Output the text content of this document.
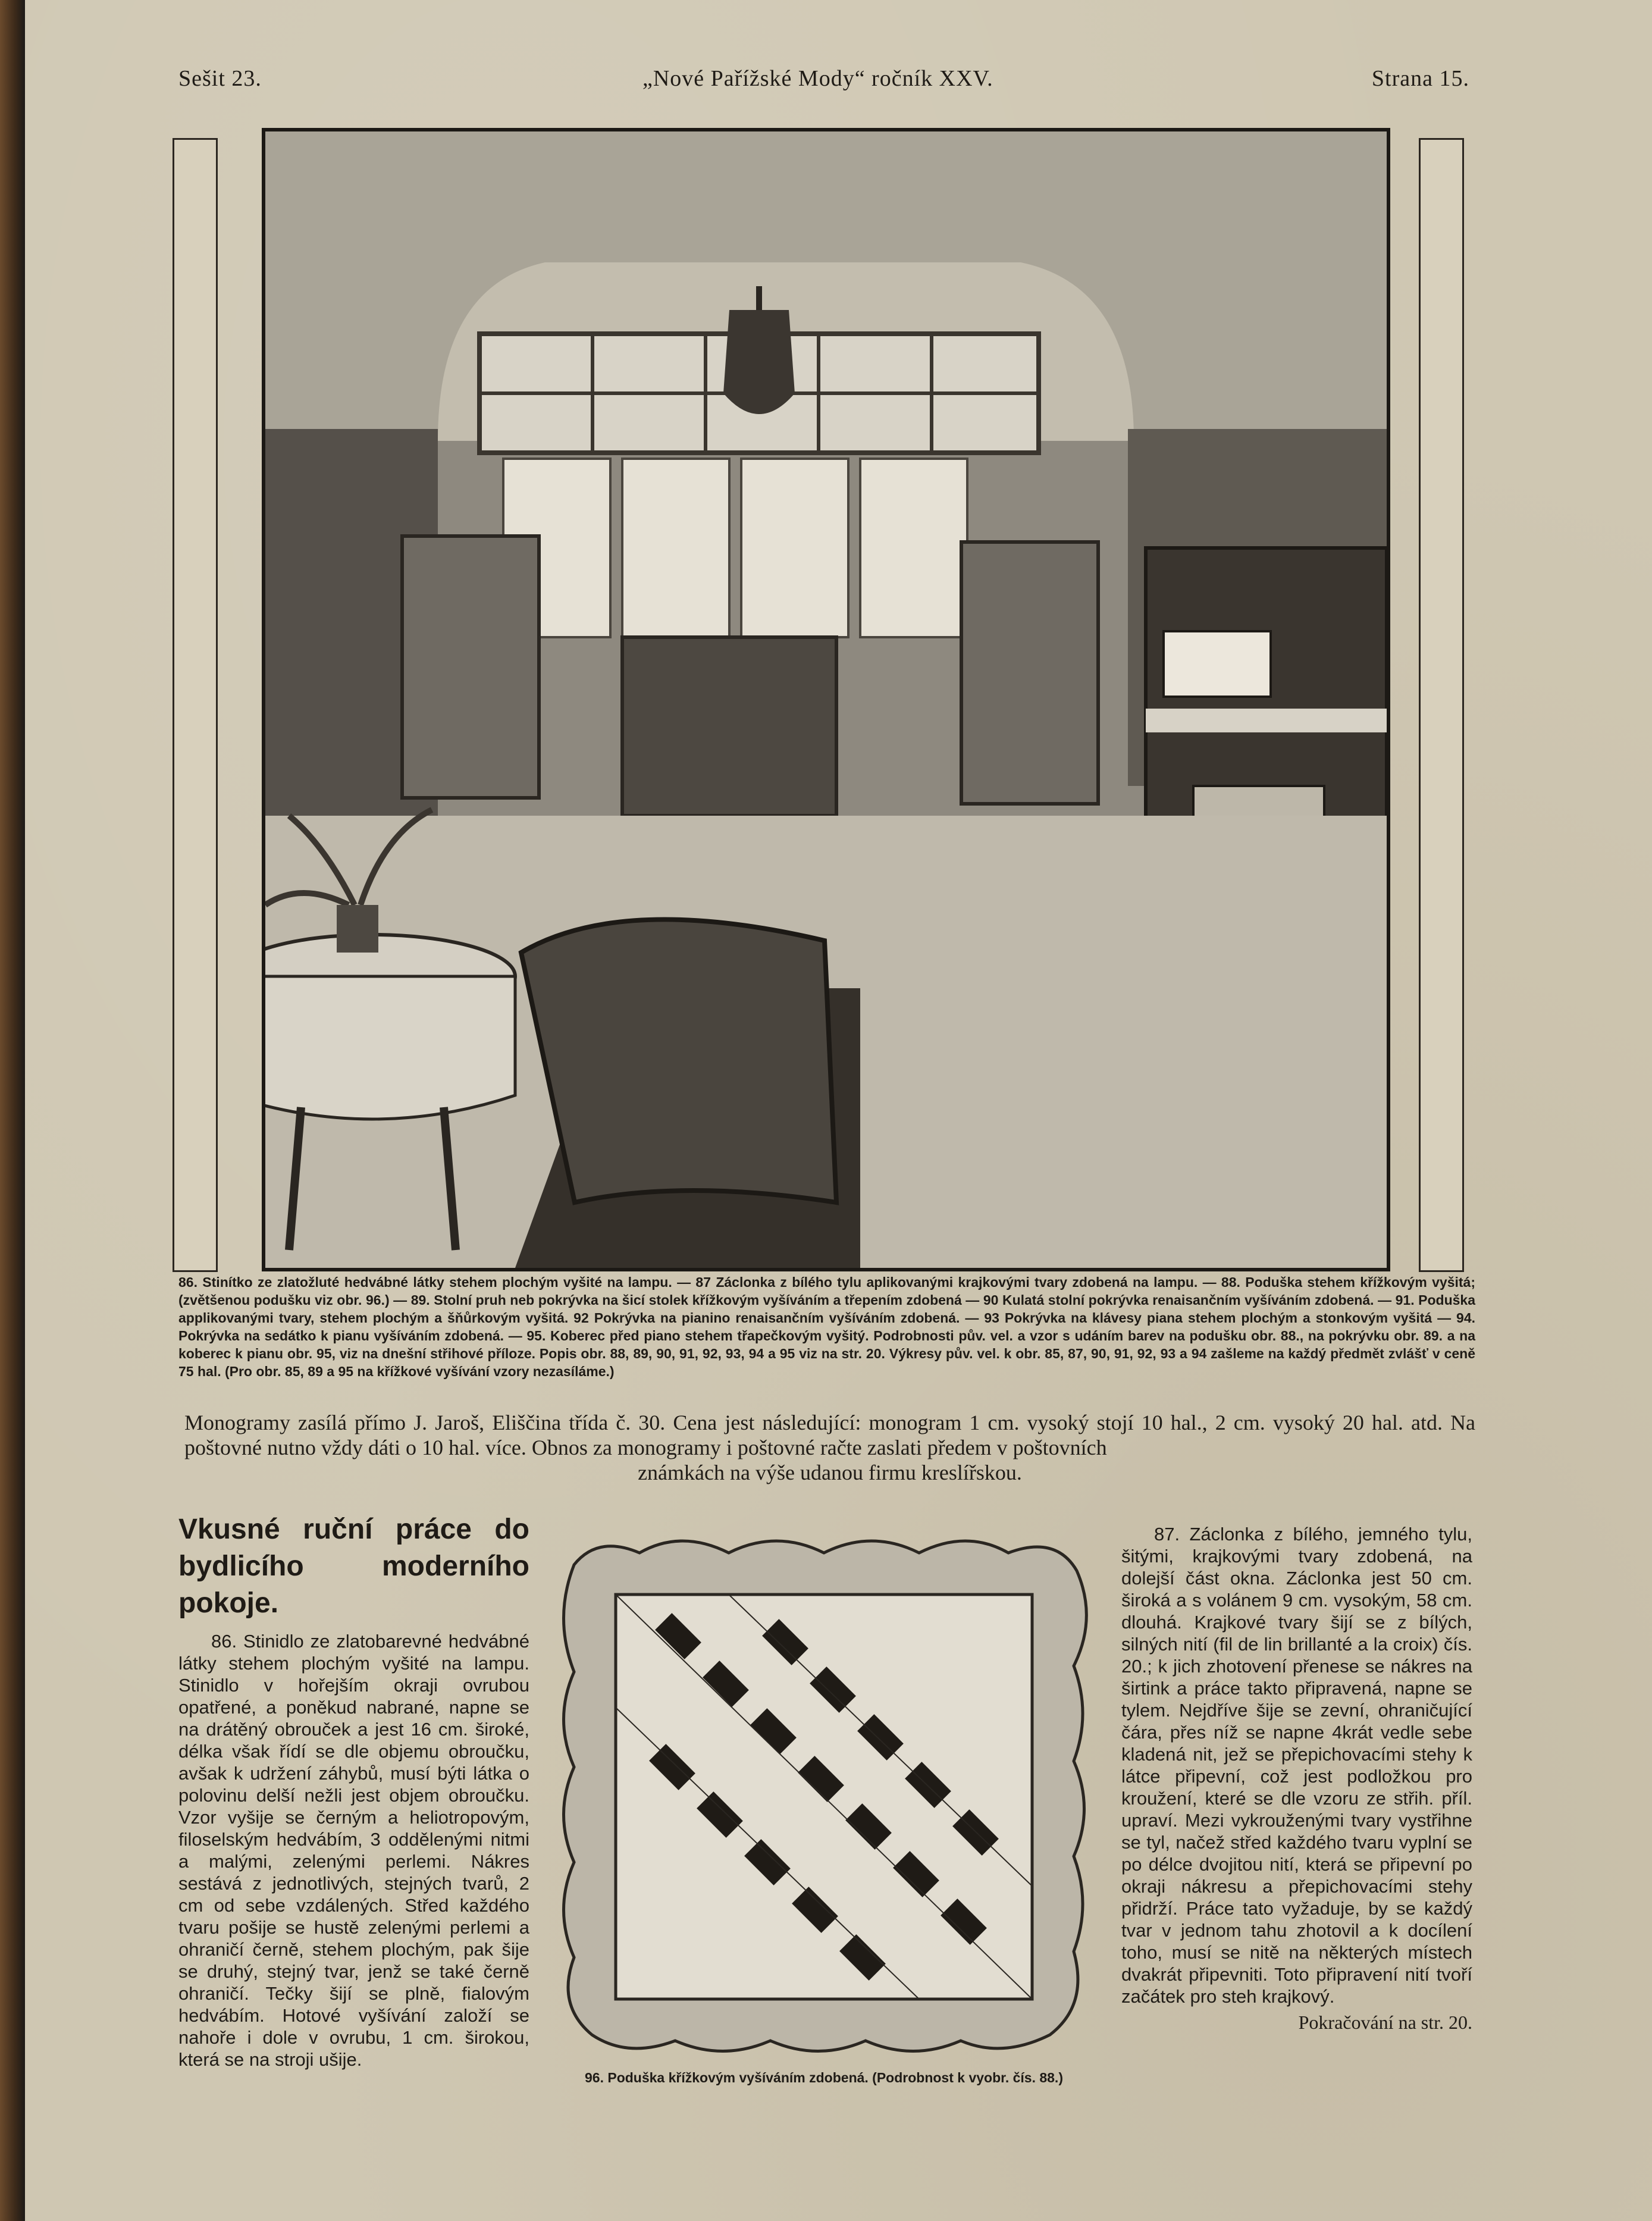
Sešit 23.	„Nové Pařížské Mody“ ročník XXV.	Strana 15.
86. Stinítko ze zlatožluté hedvábné látky stehem plochým vyšité na lampu. — 87 Záclonka z bílého tylu aplikovanými krajkovými tvary zdobená na lampu. — 88. Poduška stehem křížkovým vyšitá; (zvětšenou podušku viz obr. 96.) — 89. Stolní pruh neb pokrývka na šicí stolek křížkovým vyšíváním a třepením zdobená — 90 Kulatá stolní pokrývka renaisančním vyšíváním zdobená. — 91. Poduška applikovanými tvary, stehem plochým a šňůrkovým vyšitá. 92 Pokrývka na pianino renaisančním vyšíváním zdobená. — 93 Pokrývka na klávesy piana stehem plochým a stonkovým vyšitá — 94. Pokrývka na sedátko k pianu vyšíváním zdobená. — 95. Koberec před piano stehem třapečkovým vyšitý. Podrobnosti pův. vel. a vzor s udáním barev na podušku obr. 88., na pokrývku obr. 89. a na koberec k pianu obr. 95, viz na dnešní střihové příloze. Popis obr. 88, 89, 90, 91, 92, 93, 94 a 95 viz na str. 20. Výkresy pův. vel. k obr. 85, 87, 90, 91, 92, 93 a 94 zašleme na každý předmět zvlášť v ceně 75 hal. (Pro obr. 85, 89 a 95 na křížkové vyšívání vzory nezasíláme.)
Monogramy zasílá přímo J. Jaroš, Eliščina třída č. 30. Cena jest následující: monogram 1 cm. vysoký stojí 10 hal., 2 cm. vysoký 20 hal. atd. Na poštovné nutno vždy dáti o 10 hal. více. Obnos za monogramy i poštovné račte zaslati předem v poštovních
známkách na výše udanou firmu kreslířskou.
Vkusné ruční práce do bydlicího moderního pokoje.

86. Stinidlo ze zlatobarevné hedvábné látky stehem plochým vyšité na lampu. Stinidlo v hořejším okraji ovrubou opatřené, a poněkud nabrané, napne se na drátěný obrouček a jest 16 cm. široké, délka však řídí se dle objemu obroučku, avšak k udržení záhybů, musí býti látka o polovinu delší nežli jest objem obroučku. Vzor vyšije se černým a heliotropovým, filoselským hedvábím, 3 oddělenými nitmi a malými, zelenými perlemi. Nákres sestává z jednotlivých, stejných tvarů, 2 cm od sebe vzdálených. Střed každého tvaru pošije se hustě zelenými perlemi a ohraničí černě, stehem plochým, pak šije se druhý, stejný tvar, jenž se také černě ohraničí. Tečky šijí se plně, fialovým hedvábím. Hotové vyšívání založí se nahoře i dole v ovrubu, 1 cm. širokou, která se na stroji ušije.

96. Poduška křížkovým vyšíváním zdobená. (Podrobnost k vyobr. čís. 88.)

87. Záclonka z bílého, jemného tylu, šitými, krajkovými tvary zdobená, na dolejší část okna. Záclonka jest 50 cm. široká a s volánem 9 cm. vysokým, 58 cm. dlouhá. Krajkové tvary šijí se z bílých, silných nití (fil de lin brillanté a la croix) čís. 20.; k jich zhotovení přenese se nákres na širtink a práce takto připravená, napne se tylem. Nejdříve šije se zevní, ohraničující čára, přes níž se napne 4krát vedle sebe kladená nit, jež se přepichovacími stehy k látce připevní, což jest podložkou pro kroužení, které se dle vzoru ze střih. příl. upraví. Mezi vykrouženými tvary vystřihne se tyl, načež střed každého tvaru vyplní se po délce dvojitou nití, která se připevní po okraji nákresu a přepichovacími stehy přidrží. Práce tato vyžaduje, by se každý tvar v jednom tahu zhotovil a k docílení toho, musí se nitě na některých místech dvakrát připevniti. Toto připravení nití tvoří začátek pro steh krajkový.

Pokračování na str. 20.
